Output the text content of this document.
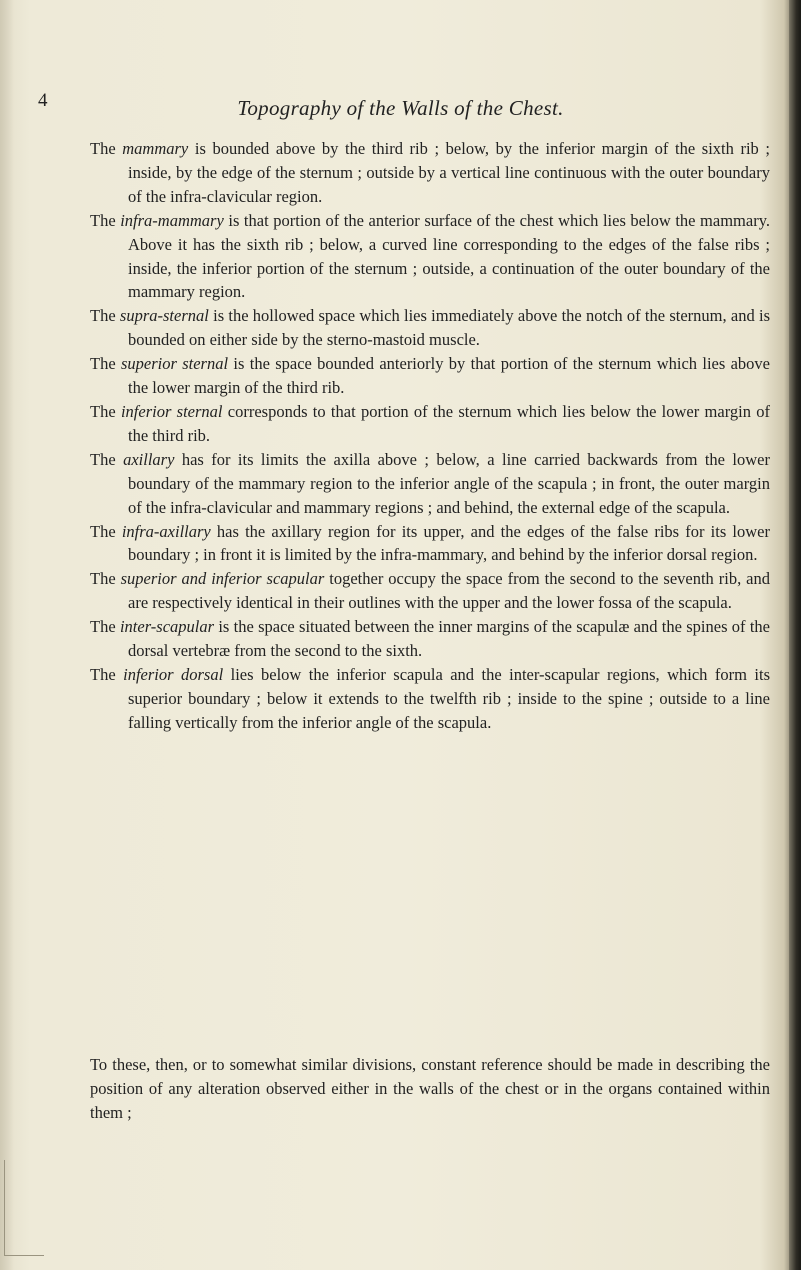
4	Topography of the Walls of the Chest.

The mammary is bounded above by the third rib ; below, by the inferior margin of the sixth rib ; inside, by the edge of the sternum ; outside by a vertical line continuous with the outer boundary of the infra-clavicular region.

The infra-mammary is that portion of the anterior surface of the chest which lies below the mammary. Above it has the sixth rib ; below, a curved line corresponding to the edges of the false ribs ; inside, the inferior portion of the sternum ; outside, a continuation of the outer boundary of the mammary region.

The supra-sternal is the hollowed space which lies immediately above the notch of the sternum, and is bounded on either side by the sterno-mastoid muscle.

The superior sternal is the space bounded anteriorly by that portion of the sternum which lies above the lower margin of the third rib.

The inferior sternal corresponds to that portion of the sternum which lies below the lower margin of the third rib.

The axillary has for its limits the axilla above ; below, a line carried backwards from the lower boundary of the mammary region to the inferior angle of the scapula ; in front, the outer margin of the infra-clavicular and mammary regions ; and behind, the external edge of the scapula.

The infra-axillary has the axillary region for its upper, and the edges of the false ribs for its lower boundary ; in front it is limited by the infra-mammary, and behind by the inferior dorsal region.

The superior and inferior scapular together occupy the space from the second to the seventh rib, and are respectively identical in their outlines with the upper and the lower fossa of the scapula.

The inter-scapular is the space situated between the inner margins of the scapulæ and the spines of the dorsal vertebræ from the second to the sixth.

The inferior dorsal lies below the inferior scapula and the inter-scapular regions, which form its superior boundary ; below it extends to the twelfth rib ; inside to the spine ; outside to a line falling vertically from the inferior angle of the scapula.

To these, then, or to somewhat similar divisions, constant reference should be made in describing the position of any alteration observed either in the walls of the chest or in the organs contained within them ;
